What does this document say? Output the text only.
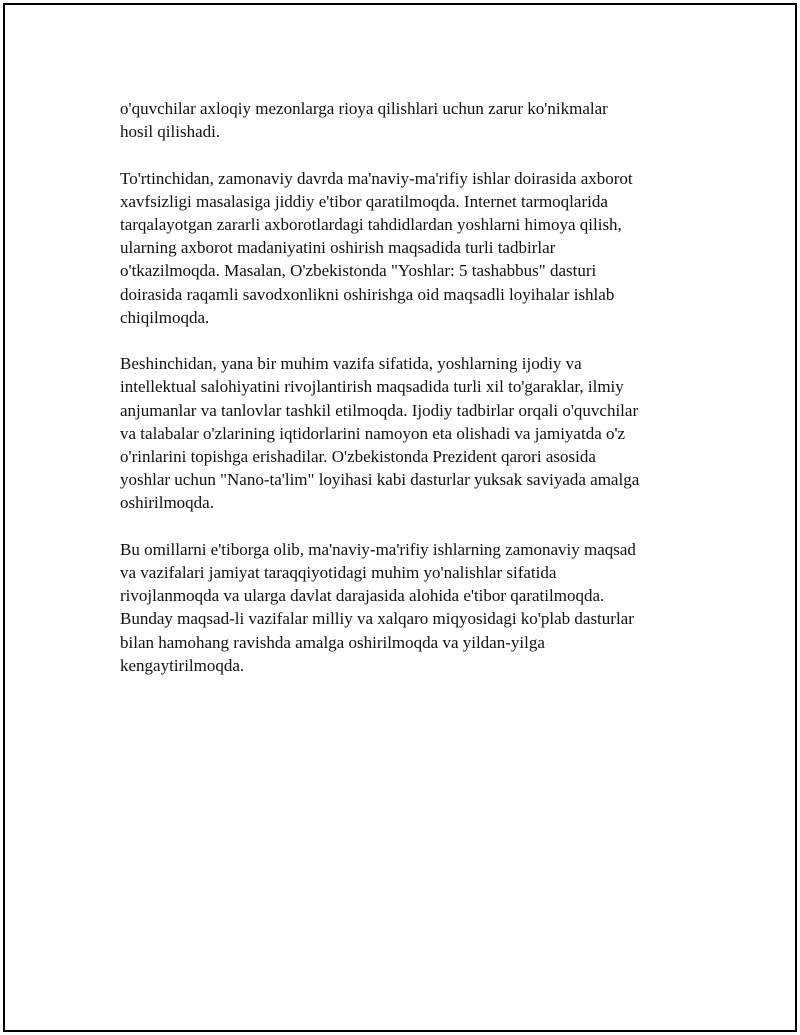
o'quvchilar axloqiy mezonlarga rioya qilishlari uchun zarur ko'nikmalar
hosil qilishadi.

To'rtinchidan, zamonaviy davrda ma'naviy-ma'rifiy ishlar doirasida axborot
xavfsizligi masalasiga jiddiy e'tibor qaratilmoqda. Internet tarmoqlarida
tarqalayotgan zararli axborotlardagi tahdidlardan yoshlarni himoya qilish,
ularning axborot madaniyatini oshirish maqsadida turli tadbirlar
o'tkazilmoqda. Masalan, O'zbekistonda "Yoshlar: 5 tashabbus" dasturi
doirasida raqamli savodxonlikni oshirishga oid maqsadli loyihalar ishlab
chiqilmoqda.

Beshinchidan, yana bir muhim vazifa sifatida, yoshlarning ijodiy va
intellektual salohiyatini rivojlantirish maqsadida turli xil to'garaklar, ilmiy
anjumanlar va tanlovlar tashkil etilmoqda. Ijodiy tadbirlar orqali o'quvchilar
va talabalar o'zlarining iqtidorlarini namoyon eta olishadi va jamiyatda o'z
o'rinlarini topishga erishadilar. O'zbekistonda Prezident qarori asosida
yoshlar uchun "Nano-ta'lim" loyihasi kabi dasturlar yuksak saviyada amalga
oshirilmoqda.

Bu omillarni e'tiborga olib, ma'naviy-ma'rifiy ishlarning zamonaviy maqsad
va vazifalari jamiyat taraqqiyotidagi muhim yo'nalishlar sifatida
rivojlanmoqda va ularga davlat darajasida alohida e'tibor qaratilmoqda.
Bunday maqsad-li vazifalar milliy va xalqaro miqyosidagi ko'plab dasturlar
bilan hamohang ravishda amalga oshirilmoqda va yildan-yilga
kengaytirilmoqda.
